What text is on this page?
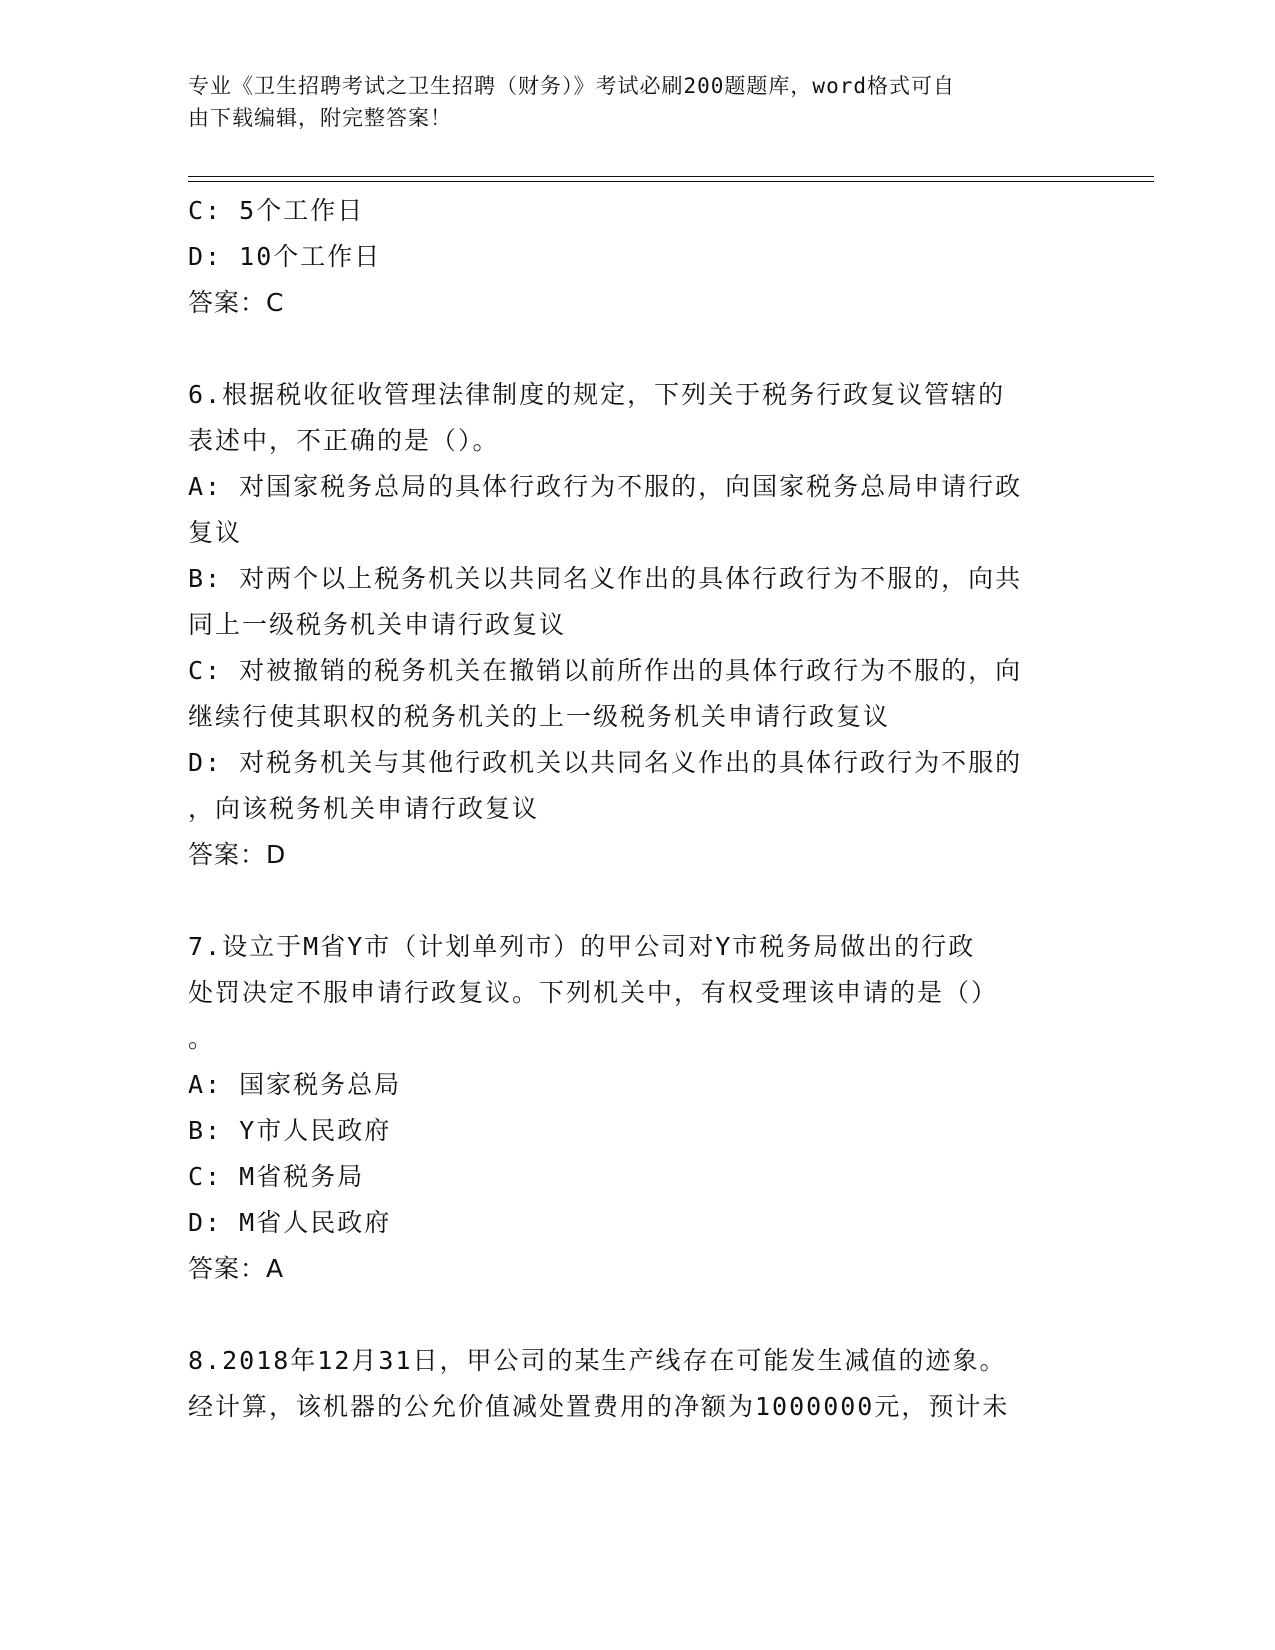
专业《卫生招聘考试之卫生招聘（财务）》考试必刷200题题库，word格式可自
由下载编辑，附完整答案！
C: 5个工作日
D: 10个工作日
答案：C
6.根据税收征收管理法律制度的规定，下列关于税务行政复议管辖的
表述中，不正确的是（）。
A: 对国家税务总局的具体行政行为不服的，向国家税务总局申请行政
复议
B: 对两个以上税务机关以共同名义作出的具体行政行为不服的，向共
同上一级税务机关申请行政复议
C: 对被撤销的税务机关在撤销以前所作出的具体行政行为不服的，向
继续行使其职权的税务机关的上一级税务机关申请行政复议
D: 对税务机关与其他行政机关以共同名义作出的具体行政行为不服的
，向该税务机关申请行政复议
答案：D
7.设立于M省Y市（计划单列市）的甲公司对Y市税务局做出的行政
处罚决定不服申请行政复议。下列机关中，有权受理该申请的是（）
。
A: 国家税务总局
B: Y市人民政府
C: M省税务局
D: M省人民政府
答案：A
8.2018年12月31日，甲公司的某生产线存在可能发生减值的迹象。
经计算，该机器的公允价值减处置费用的净额为1000000元，预计未
